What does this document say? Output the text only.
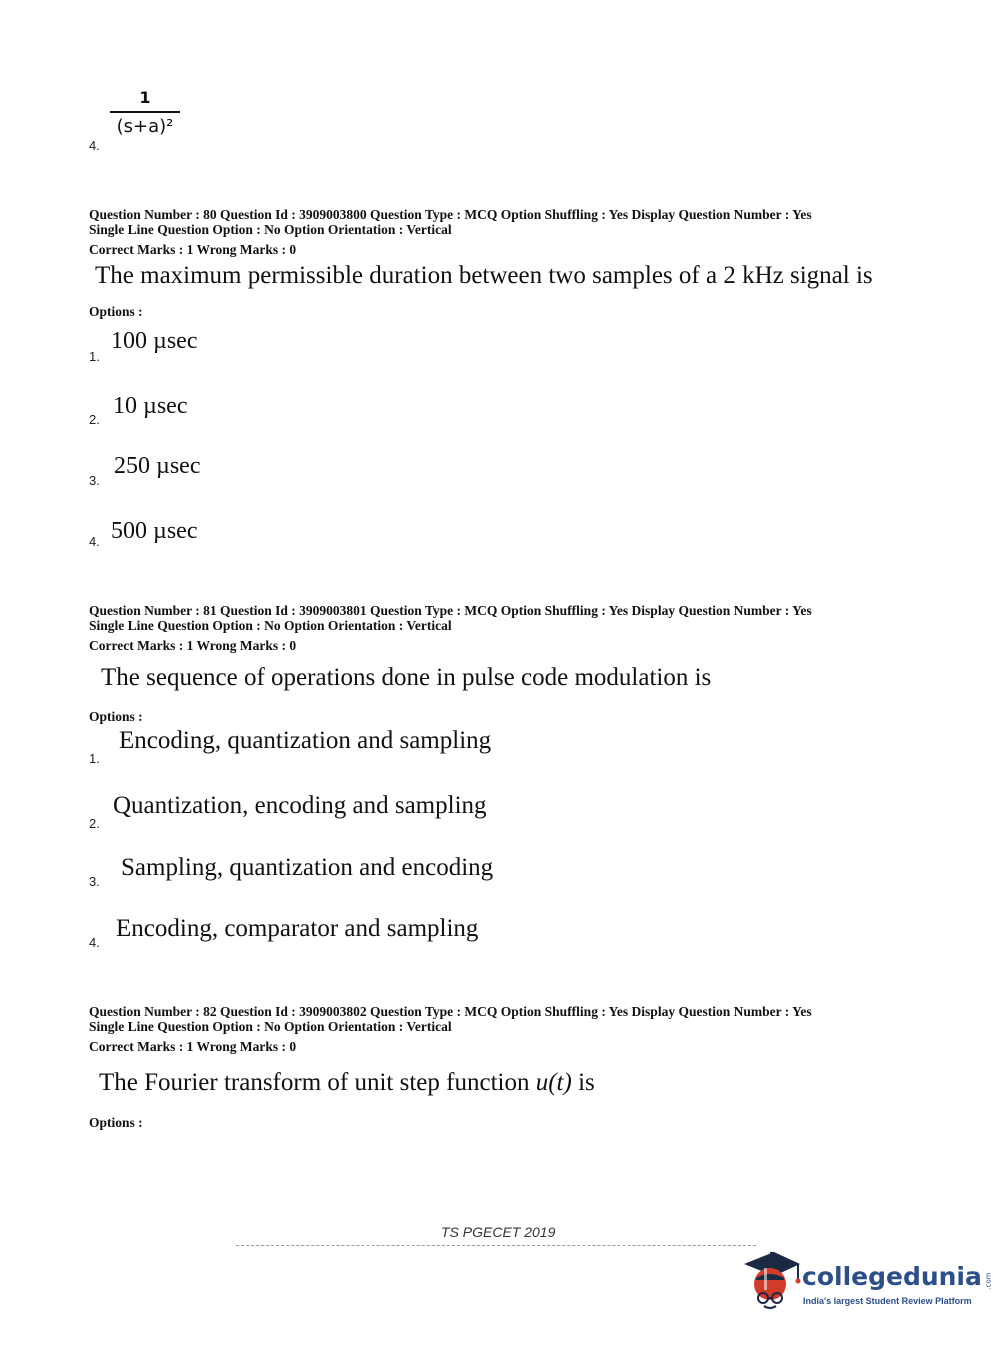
4.
1
(s+a)²
Question Number : 80 Question Id : 3909003800 Question Type : MCQ Option Shuffling : Yes Display Question Number : Yes
Single Line Question Option : No Option Orientation : Vertical
Correct Marks : 1 Wrong Marks : 0
The maximum permissible duration between two samples of a 2 kHz signal is
Options :
1.
100 µsec
2.
10 µsec
3.
250 µsec
4. 500 µsec
Question Number : 81 Question Id : 3909003801 Question Type : MCQ Option Shuffling : Yes Display Question Number : Yes
Single Line Question Option : No Option Orientation : Vertical
Correct Marks : 1 Wrong Marks : 0
The sequence of operations done in pulse code modulation is
Options :
1.
Encoding, quantization and sampling
2.
Quantization, encoding and sampling
3.
Sampling, quantization and encoding
4.
Encoding, comparator and sampling
Question Number : 82 Question Id : 3909003802 Question Type : MCQ Option Shuffling : Yes Display Question Number : Yes
Single Line Question Option : No Option Orientation : Vertical
Correct Marks : 1 Wrong Marks : 0
The Fourier transform of unit step function u(t) is
Options :
TS PGECET 2019
collegedunia .com
India's largest Student Review Platform
